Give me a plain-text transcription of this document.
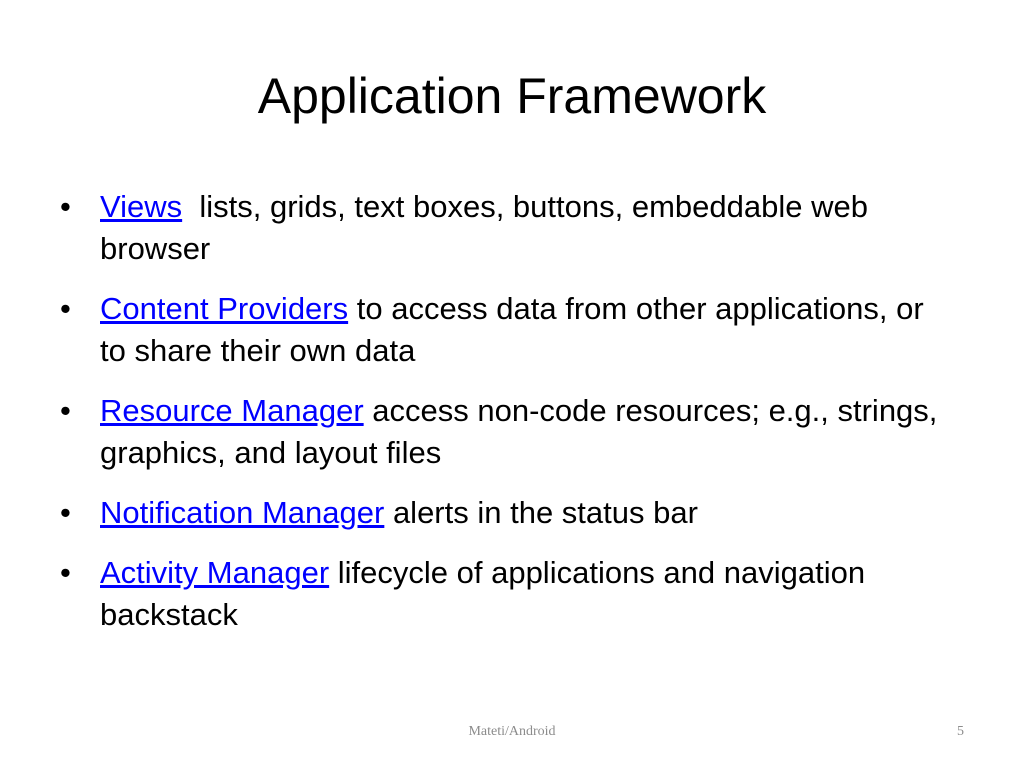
Application Framework
• Views  lists, grids, text boxes, buttons, embeddable web browser
• Content Providers to access data from other applications, or to share their own data
• Resource Manager access non-code resources; e.g., strings, graphics, and layout files
• Notification Manager alerts in the status bar
• Activity Manager lifecycle of applications and navigation backstack
Mateti/Android	5
